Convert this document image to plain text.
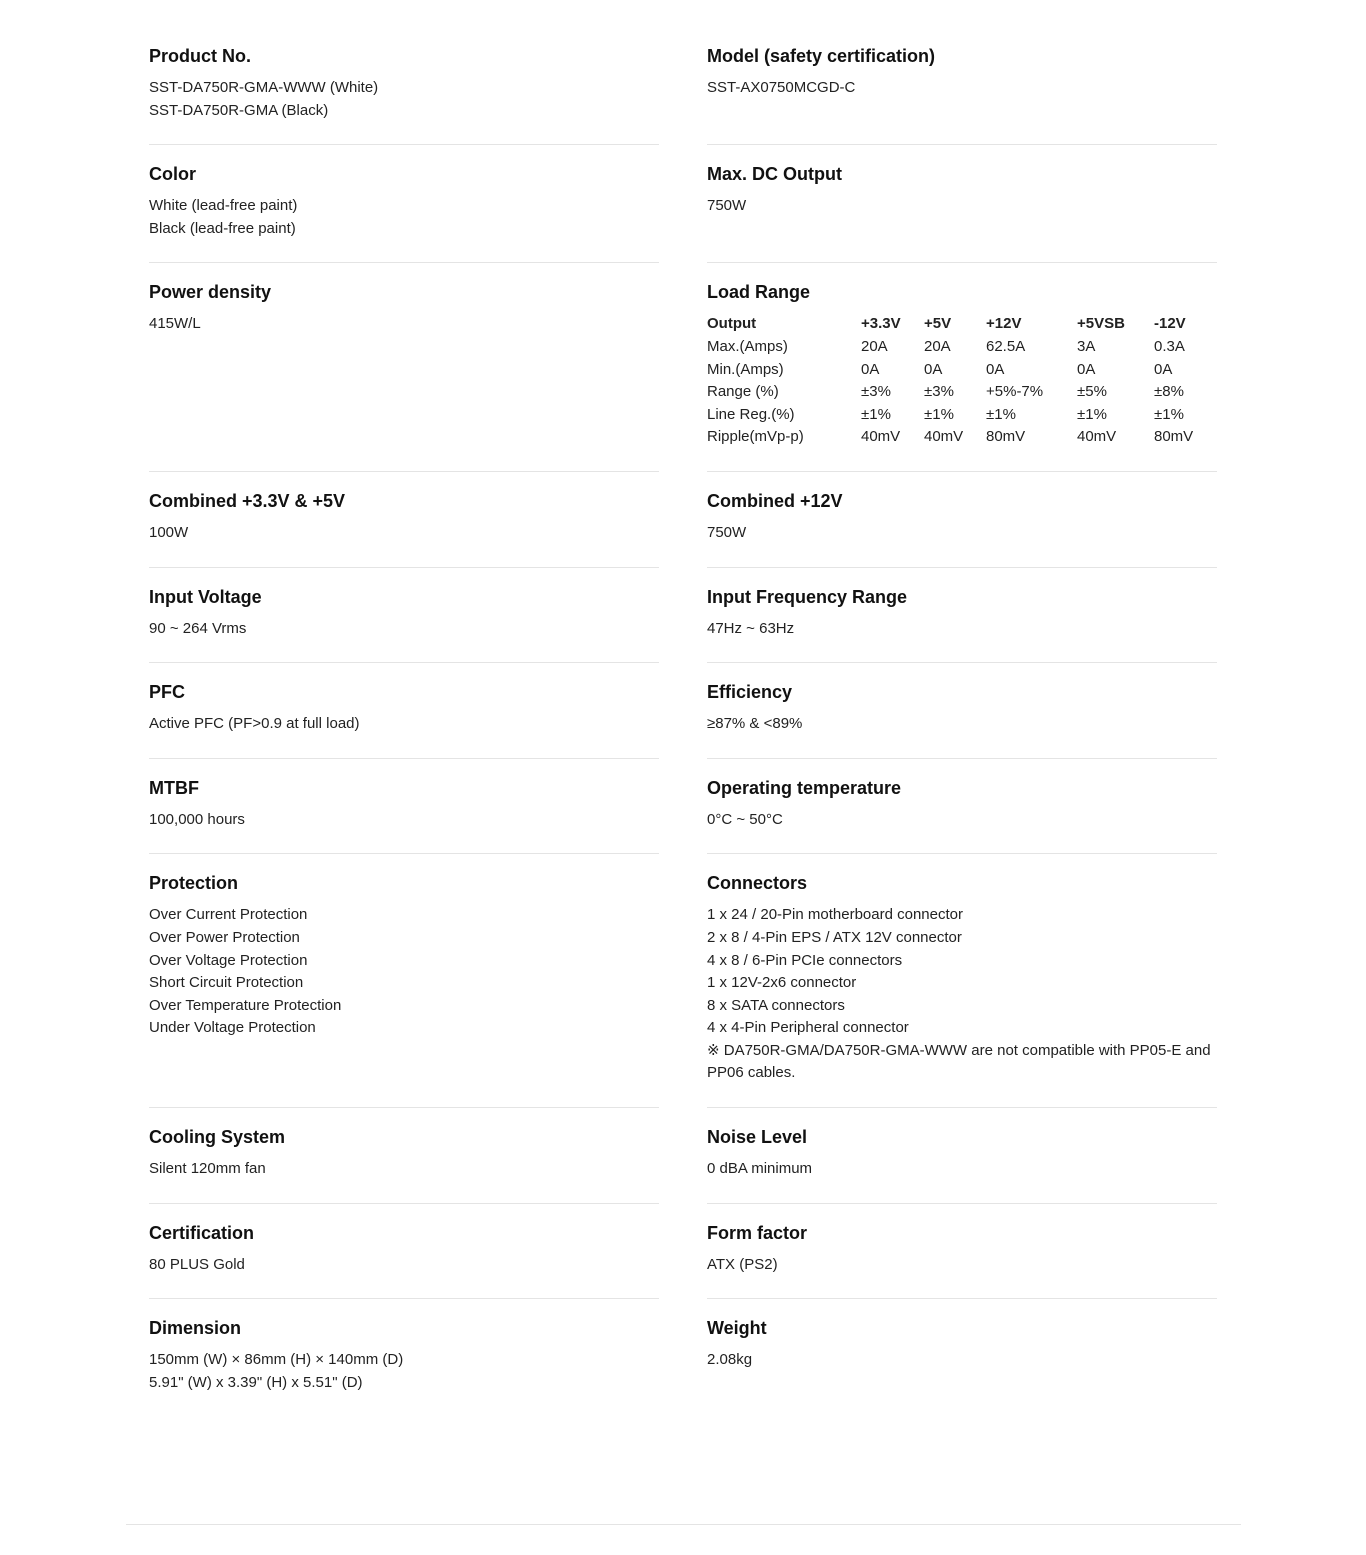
Product No.
SST-DA750R-GMA-WWW (White)
SST-DA750R-GMA (Black)
Model (safety certification)
SST-AX0750MCGD-C
Color
White (lead-free paint)
Black (lead-free paint)
Max. DC Output
750W
Power density
415W/L
Load Range
Output	+3.3V	+5V	+12V	+5VSB	-12V
Max.(Amps)	20A	20A	62.5A	3A	0.3A
Min.(Amps)	0A	0A	0A	0A	0A
Range (%)	±3%	±3%	+5%-7%	±5%	±8%
Line Reg.(%)	±1%	±1%	±1%	±1%	±1%
Ripple(mVp-p)	40mV	40mV	80mV	40mV	80mV
Combined +3.3V & +5V
100W
Combined +12V
750W
Input Voltage
90 ~ 264 Vrms
Input Frequency Range
47Hz ~ 63Hz
PFC
Active PFC (PF>0.9 at full load)
Efficiency
≥87% & <89%
MTBF
100,000 hours
Operating temperature
0°C ~ 50°C
Protection
Over Current Protection
Over Power Protection
Over Voltage Protection
Short Circuit Protection
Over Temperature Protection
Under Voltage Protection
Connectors
1 x 24 / 20-Pin motherboard connector
2 x 8 / 4-Pin EPS / ATX 12V connector
4 x 8 / 6-Pin PCIe connectors
1 x 12V-2x6 connector
8 x SATA connectors
4 x 4-Pin Peripheral connector
※ DA750R-GMA/DA750R-GMA-WWW are not compatible with PP05-E and PP06 cables.
Cooling System
Silent 120mm fan
Noise Level
0 dBA minimum
Certification
80 PLUS Gold
Form factor
ATX (PS2)
Dimension
150mm (W) × 86mm (H) × 140mm (D)
5.91" (W) x 3.39" (H) x 5.51" (D)
Weight
2.08kg
